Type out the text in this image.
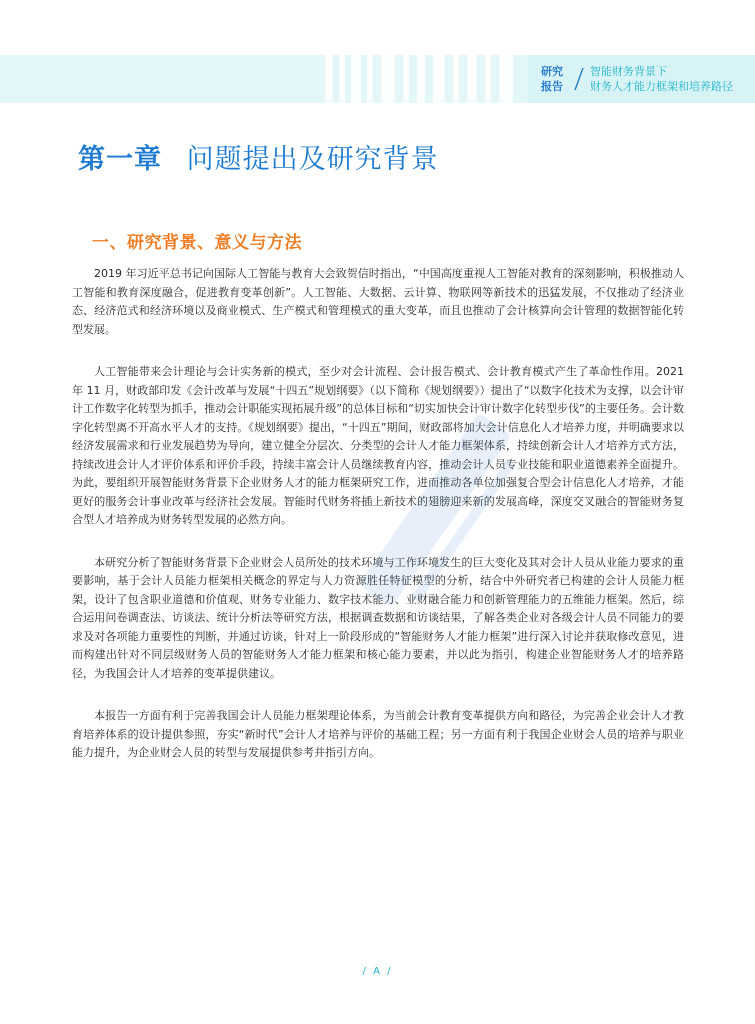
研究
报告
智能财务背景下
财务人才能力框架和培养路径
第一章 问题提出及研究背景
一、研究背景、意义与方法

2019 年习近平总书记向国际人工智能与教育大会致贺信时指出，“中国高度重视人工智能对教育的深刻影响，积极推动人工智能和教育深度融合，促进教育变革创新”。人工智能、大数据、云计算、物联网等新技术的迅猛发展，不仅推动了经济业态、经济范式和经济环境以及商业模式、生产模式和管理模式的重大变革，而且也推动了会计核算向会计管理的数据智能化转型发展。

人工智能带来会计理论与会计实务新的模式，至少对会计流程、会计报告模式、会计教育模式产生了革命性作用。2021 年 11 月，财政部印发《会计改革与发展“十四五”规划纲要》（以下简称《规划纲要》）提出了“以数字化技术为支撑，以会计审计工作数字化转型为抓手，推动会计职能实现拓展升级”的总体目标和“切实加快会计审计数字化转型步伐”的主要任务。会计数字化转型离不开高水平人才的支持。《规划纲要》提出，“十四五”期间，财政部将加大会计信息化人才培养力度，并明确要求以经济发展需求和行业发展趋势为导向，建立健全分层次、分类型的会计人才能力框架体系，持续创新会计人才培养方式方法，持续改进会计人才评价体系和评价手段，持续丰富会计人员继续教育内容，推动会计人员专业技能和职业道德素养全面提升。为此，要组织开展智能财务背景下企业财务人才的能力框架研究工作，进而推动各单位加强复合型会计信息化人才培养，才能更好的服务会计事业改革与经济社会发展。智能时代财务将插上新技术的翅膀迎来新的发展高峰，深度交叉融合的智能财务复合型人才培养成为财务转型发展的必然方向。

本研究分析了智能财务背景下企业财会人员所处的技术环境与工作环境发生的巨大变化及其对会计人员从业能力要求的重要影响，基于会计人员能力框架相关概念的界定与人力资源胜任特征模型的分析，结合中外研究者已构建的会计人员能力框架，设计了包含职业道德和价值观、财务专业能力、数字技术能力、业财融合能力和创新管理能力的五维能力框架。然后，综合运用问卷调查法、访谈法、统计分析法等研究方法，根据调查数据和访谈结果，了解各类企业对各级会计人员不同能力的要求及对各项能力重要性的判断，并通过访谈，针对上一阶段形成的“智能财务人才能力框架”进行深入讨论并获取修改意见，进而构建出针对不同层级财务人员的智能财务人才能力框架和核心能力要素，并以此为指引，构建企业智能财务人才的培养路径，为我国会计人才培养的变革提供建议。

本报告一方面有利于完善我国会计人员能力框架理论体系，为当前会计教育变革提供方向和路径，为完善企业会计人才教育培养体系的设计提供参照，夯实“新时代”会计人才培养与评价的基础工程；另一方面有利于我国企业财会人员的培养与职业能力提升，为企业财会人员的转型与发展提供参考并指引方向。

/ A /
